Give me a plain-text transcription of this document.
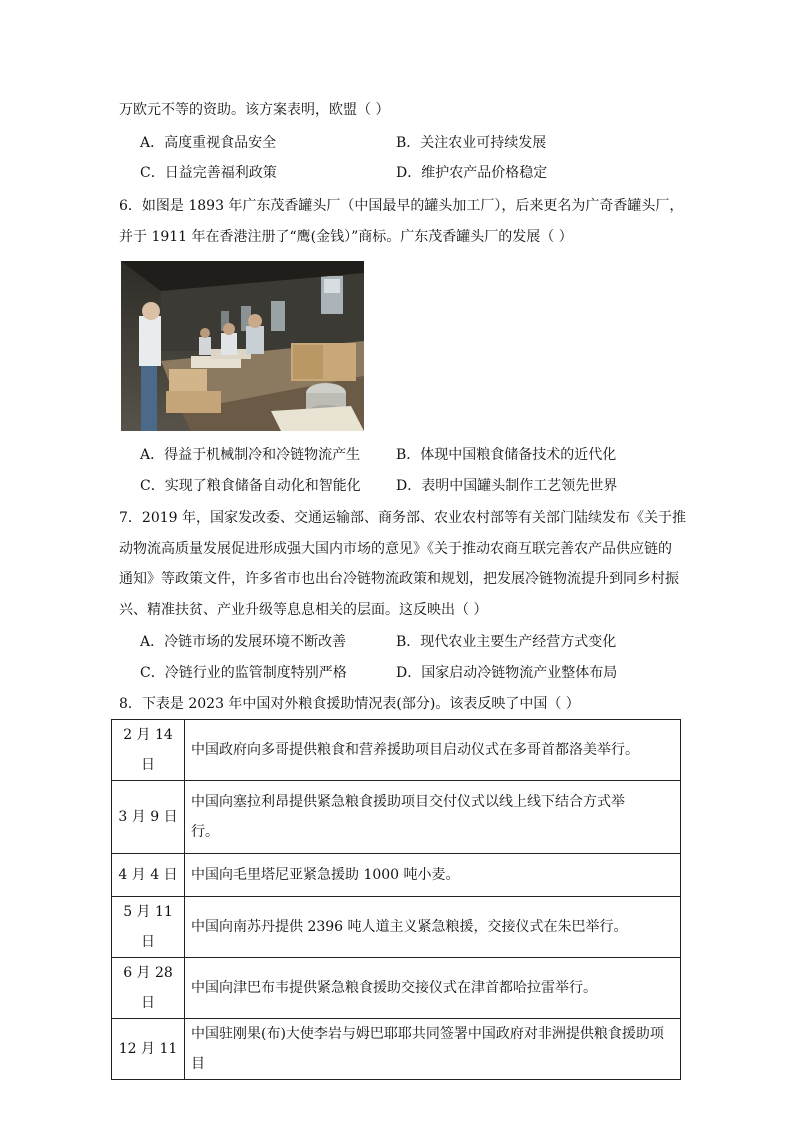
万欧元不等的资助。该方案表明，欧盟（ ）
A．高度重视食品安全	B．关注农业可持续发展
C．日益完善福利政策	D．维护农产品价格稳定
6．如图是 1893 年广东茂香罐头厂（中国最早的罐头加工厂），后来更名为广奇香罐头厂，
并于 1911 年在香港注册了“鹰(金钱）”商标。广东茂香罐头厂的发展（ ）
A．得益于机械制冷和冷链物流产生	B．体现中国粮食储备技术的近代化
C．实现了粮食储备自动化和智能化	D．表明中国罐头制作工艺领先世界
7．2019 年，国家发改委、交通运输部、商务部、农业农村部等有关部门陆续发布《关于推
动物流高质量发展促进形成强大国内市场的意见》《关于推动农商互联完善农产品供应链的
通知》等政策文件，许多省市也出台冷链物流政策和规划，把发展冷链物流提升到同乡村振
兴、精准扶贫、产业升级等息息相关的层面。这反映出（ ）
A．冷链市场的发展环境不断改善	B．现代农业主要生产经营方式变化
C．冷链行业的监管制度特别严格	D．国家启动冷链物流产业整体布局
8．下表是 2023 年中国对外粮食援助情况表(部分)。该表反映了中国（ ）
2 月 14 日	中国政府向多哥提供粮食和营养援助项目启动仪式在多哥首都洛美举行。
3 月 9 日	中国向塞拉利昂提供紧急粮食援助项目交付仪式以线上线下结合方式举行。

4 月 4 日	中国向毛里塔尼亚紧急援助 1000 吨小麦。
5 月 11 日	中国向南苏丹提供 2396 吨人道主义紧急粮援，交接仪式在朱巴举行。
6 月 28 日	中国向津巴布韦提供紧急粮食援助交接仪式在津首都哈拉雷举行。
12 月 11	中国驻刚果(布)大使李岩与姆巴耶耶共同签署中国政府对非洲提供粮食援助项目
